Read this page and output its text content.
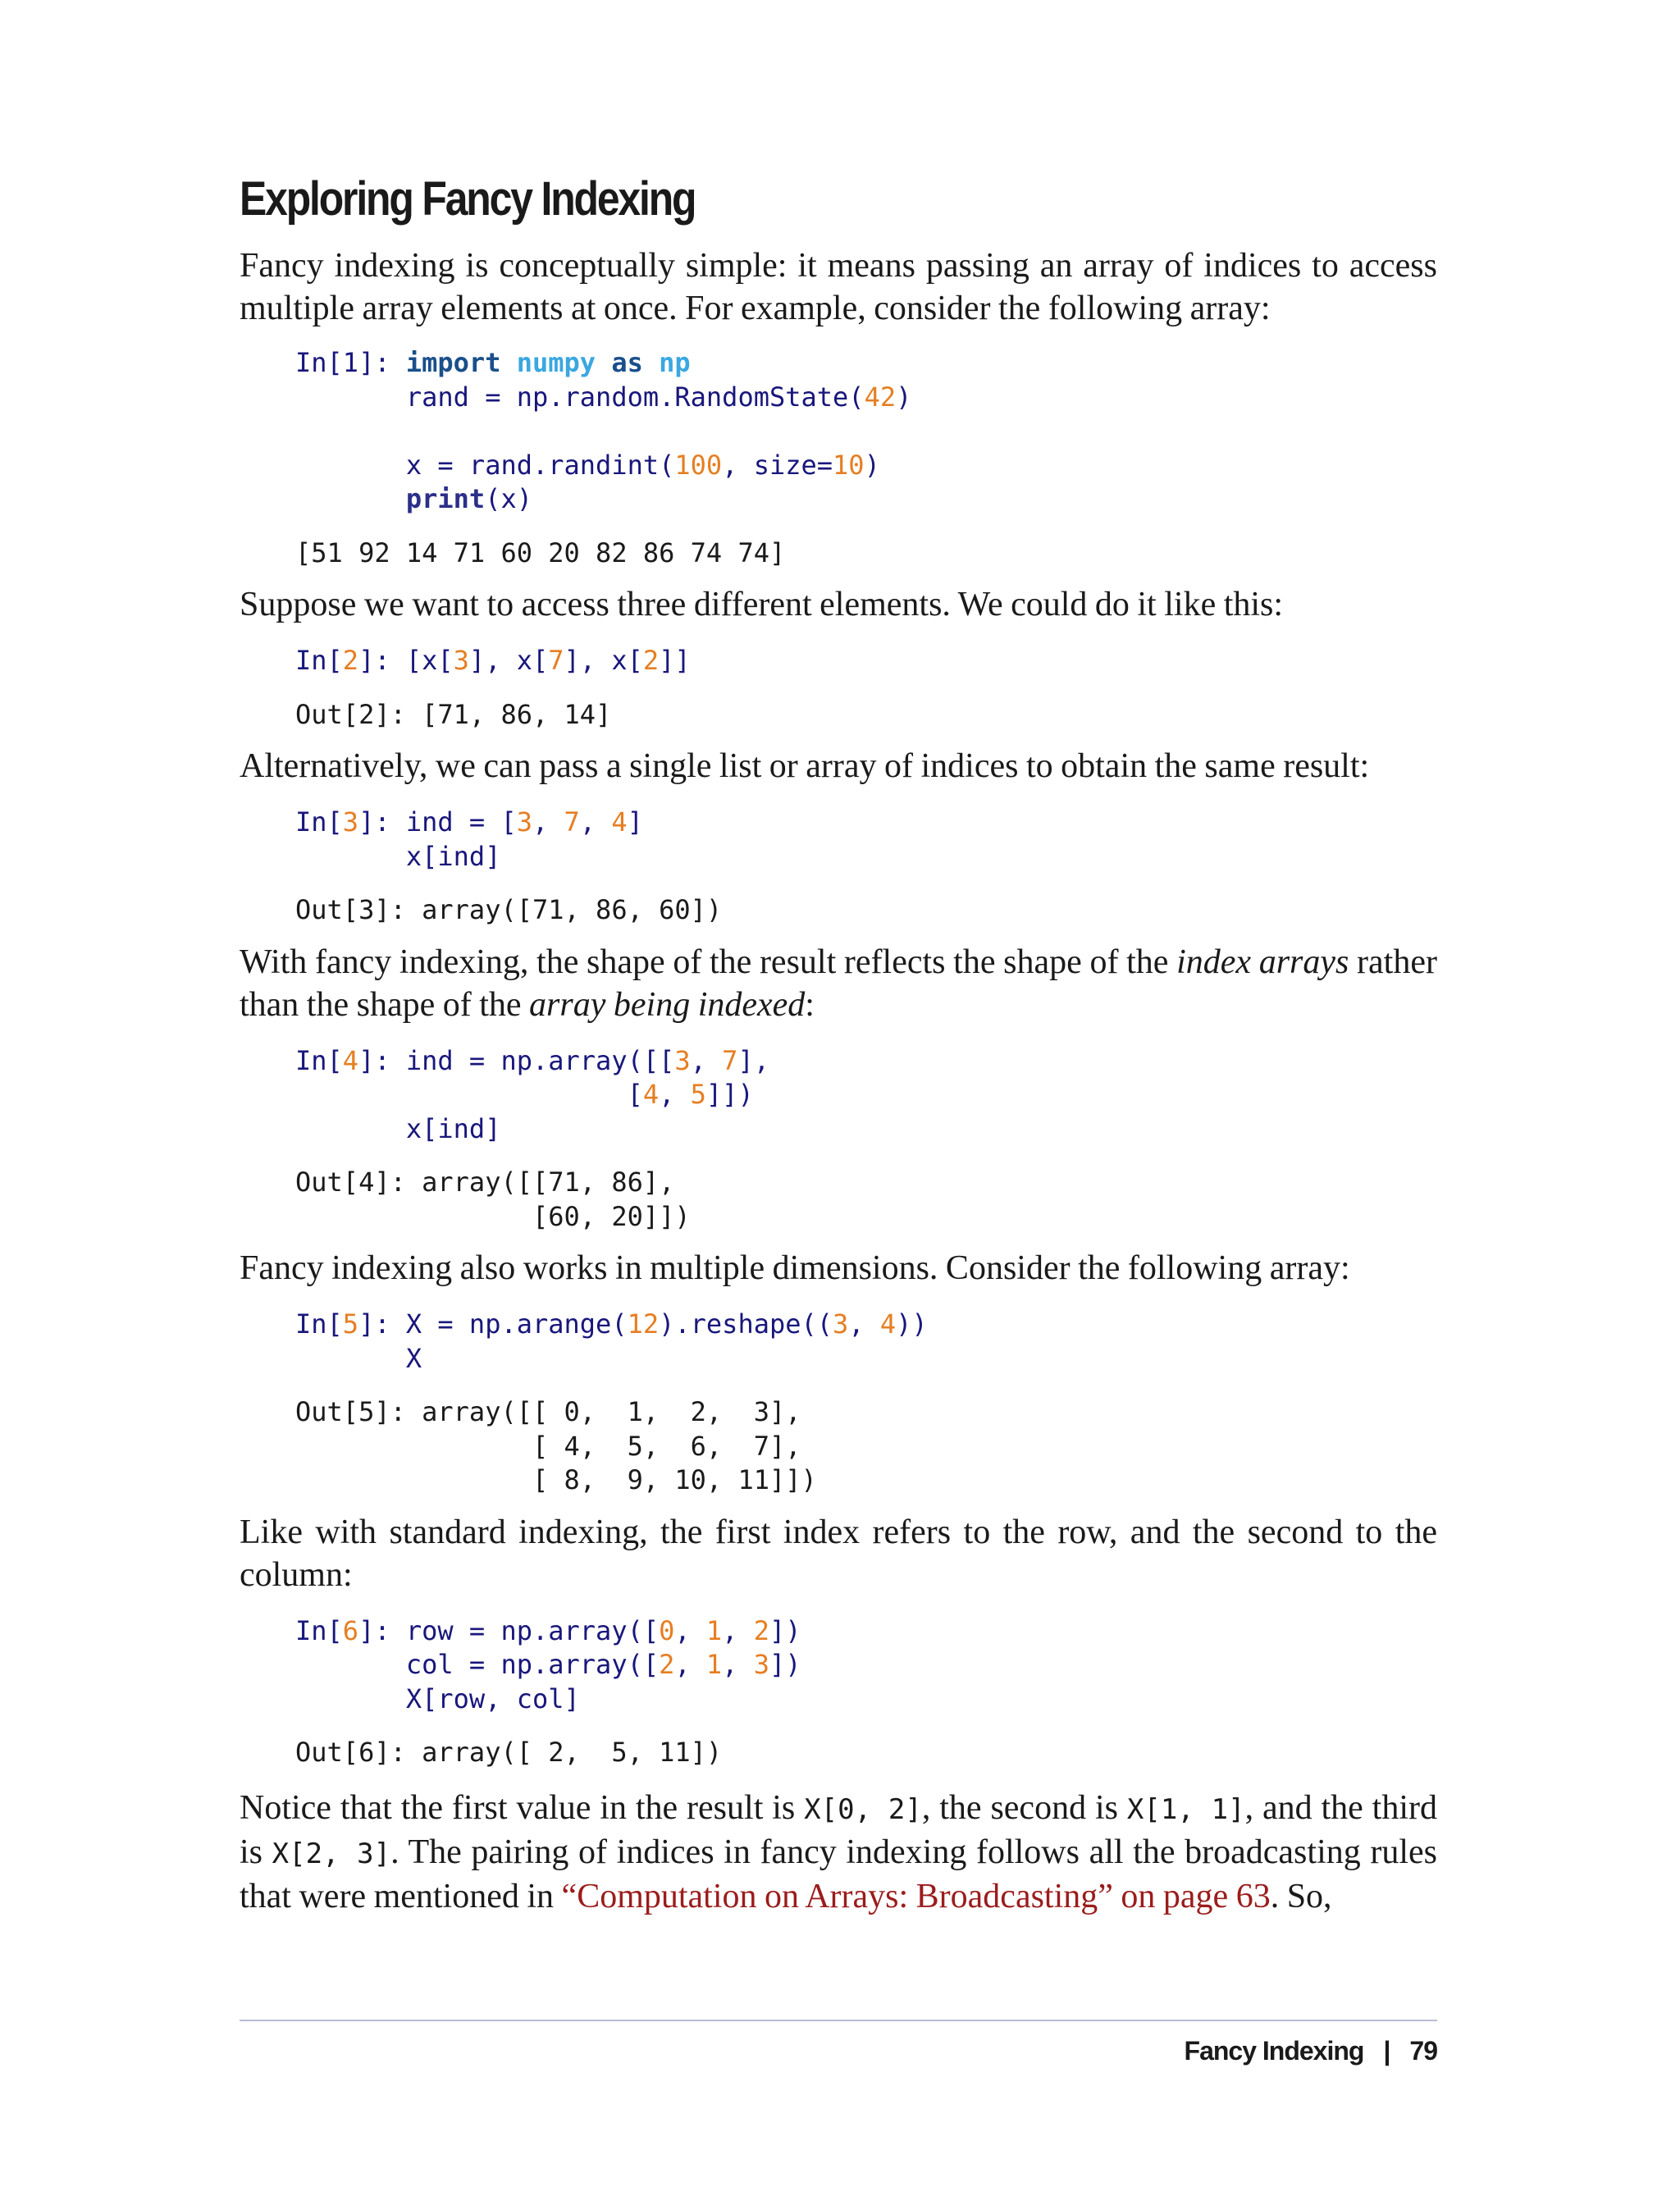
Exploring Fancy Indexing

Fancy indexing is conceptually simple: it means passing an array of indices to access multiple array elements at once. For example, consider the following array:

In[1]: import numpy as np
rand = np.random.RandomState(42)

x = rand.randint(100, size=10)
print(x)
[51 92 14 71 60 20 82 86 74 74]

Suppose we want to access three different elements. We could do it like this:

In[2]: [x[3], x[7], x[2]]
Out[2]: [71, 86, 14]

Alternatively, we can pass a single list or array of indices to obtain the same result:

In[3]: ind = [3, 7, 4]
x[ind]
Out[3]: array([71, 86, 60])

With fancy indexing, the shape of the result reflects the shape of the index arrays rather than the shape of the array being indexed:

In[4]: ind = np.array([[3, 7],
[4, 5]])
x[ind]
Out[4]: array([[71, 86],
[60, 20]])

Fancy indexing also works in multiple dimensions. Consider the following array:

In[5]: X = np.arange(12).reshape((3, 4))
X
Out[5]: array([[ 0,  1,  2,  3],
[ 4,  5,  6,  7],
[ 8,  9, 10, 11]])

Like with standard indexing, the first index refers to the row, and the second to the column:

In[6]: row = np.array([0, 1, 2])
col = np.array([2, 1, 3])
X[row, col]
Out[6]: array([ 2,  5, 11])

Notice that the first value in the result is X[0, 2], the second is X[1, 1], and the third is X[2, 3]. The pairing of indices in fancy indexing follows all the broadcasting rules that were mentioned in “Computation on Arrays: Broadcasting” on page 63. So,

Fancy Indexing | 79
